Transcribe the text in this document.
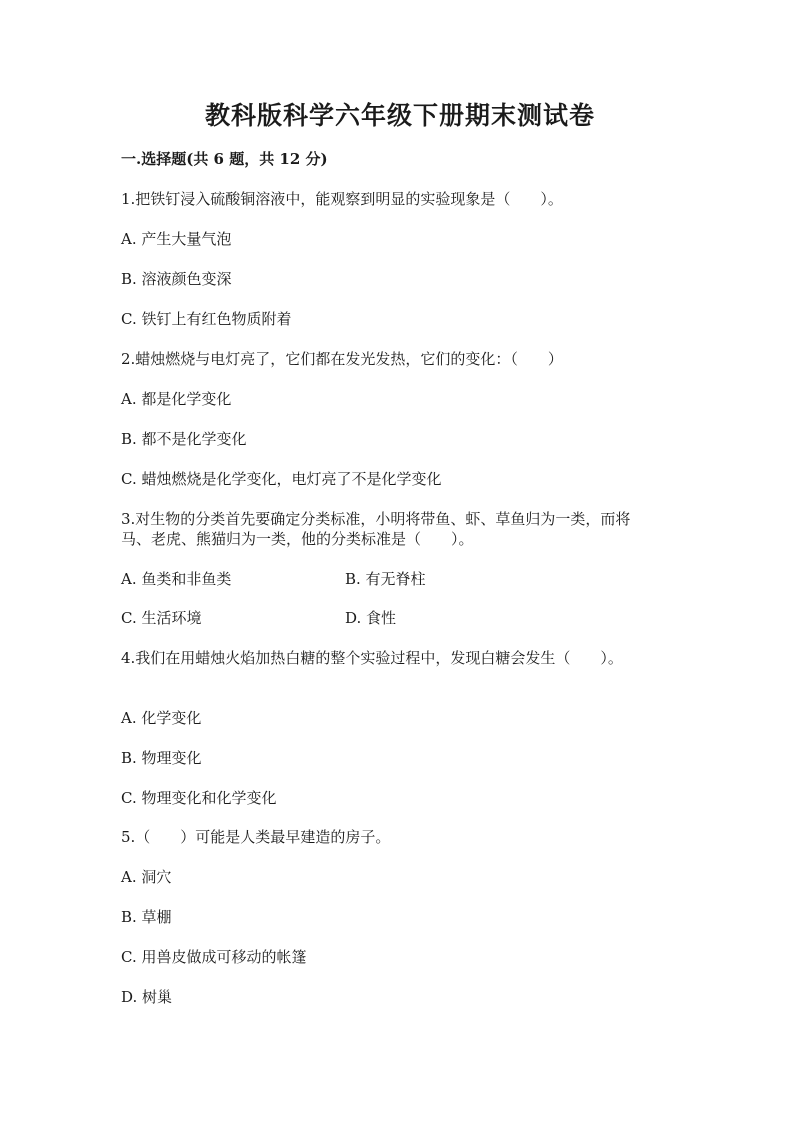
教科版科学六年级下册期末测试卷
一.选择题(共 6 题，共 12 分)
1.把铁钉浸入硫酸铜溶液中，能观察到明显的实验现象是（　　）。
A. 产生大量气泡
B. 溶液颜色变深
C. 铁钉上有红色物质附着
2.蜡烛燃烧与电灯亮了，它们都在发光发热，它们的变化：（　　）
A. 都是化学变化
B. 都不是化学变化
C. 蜡烛燃烧是化学变化，电灯亮了不是化学变化
3.对生物的分类首先要确定分类标准，小明将带鱼、虾、草鱼归为一类，而将
马、老虎、熊猫归为一类，他的分类标准是（　　）。
A. 鱼类和非鱼类	B. 有无脊柱
C. 生活环境	D. 食性
4.我们在用蜡烛火焰加热白糖的整个实验过程中，发现白糖会发生（　　）。
A. 化学变化
B. 物理变化
C. 物理变化和化学变化
5.（　　）可能是人类最早建造的房子。
A. 洞穴
B. 草棚
C. 用兽皮做成可移动的帐篷
D. 树巢
